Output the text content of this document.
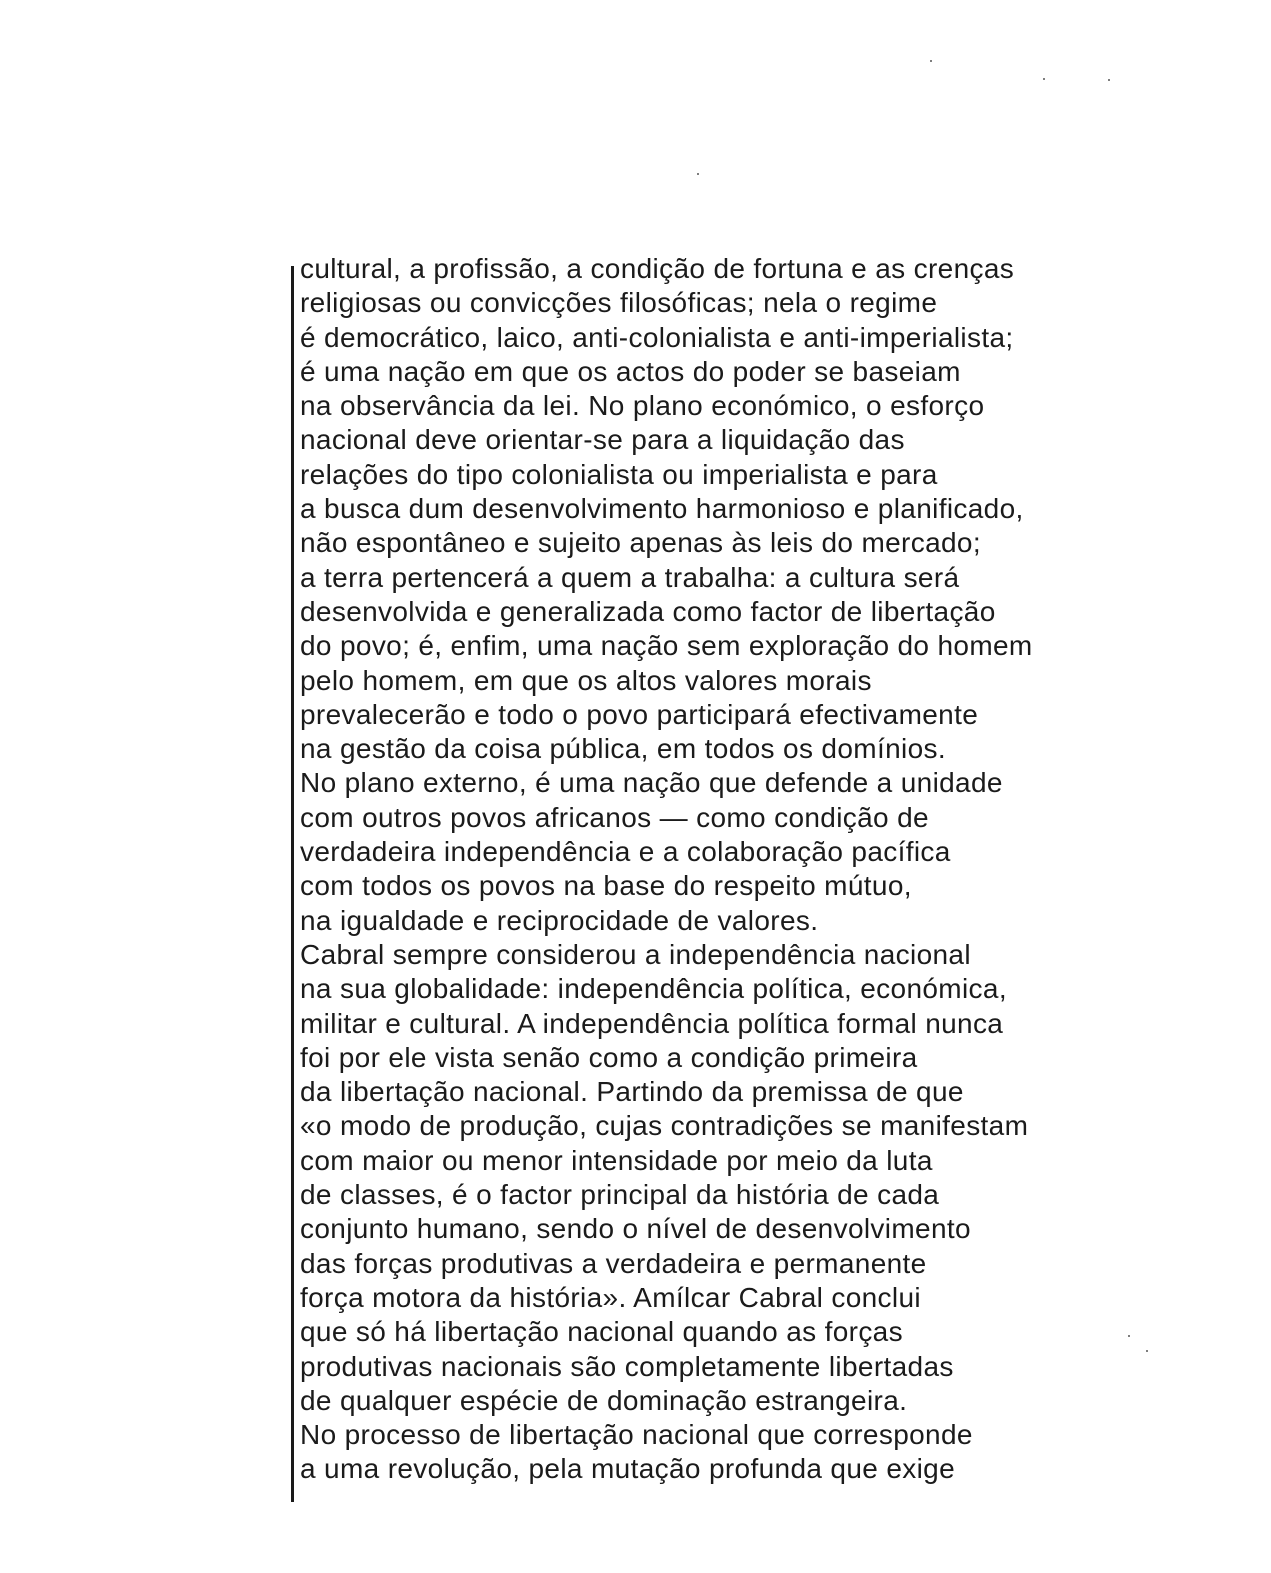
cultural, a profissão, a condição de fortuna e as crenças
religiosas ou convicções filosóficas; nela o regime
é democrático, laico, anti-colonialista e anti-imperialista;
é uma nação em que os actos do poder se baseiam
na observância da lei. No plano económico, o esforço
nacional deve orientar-se para a liquidação das
relações do tipo colonialista ou imperialista e para
a busca dum desenvolvimento harmonioso e planificado,
não espontâneo e sujeito apenas às leis do mercado;
a terra pertencerá a quem a trabalha: a cultura será
desenvolvida e generalizada como factor de libertação
do povo; é, enfim, uma nação sem exploração do homem
pelo homem, em que os altos valores morais
prevalecerão e todo o povo participará efectivamente
na gestão da coisa pública, em todos os domínios.
No plano externo, é uma nação que defende a unidade
com outros povos africanos — como condição de
verdadeira independência e a colaboração pacífica
com todos os povos na base do respeito mútuo,
na igualdade e reciprocidade de valores.
Cabral sempre considerou a independência nacional
na sua globalidade: independência política, económica,
militar e cultural. A independência política formal nunca
foi por ele vista senão como a condição primeira
da libertação nacional. Partindo da premissa de que
«o modo de produção, cujas contradições se manifestam
com maior ou menor intensidade por meio da luta
de classes, é o factor principal da história de cada
conjunto humano, sendo o nível de desenvolvimento
das forças produtivas a verdadeira e permanente
força motora da história». Amílcar Cabral conclui
que só há libertação nacional quando as forças
produtivas nacionais são completamente libertadas
de qualquer espécie de dominação estrangeira.
No processo de libertação nacional que corresponde
a uma revolução, pela mutação profunda que exige
